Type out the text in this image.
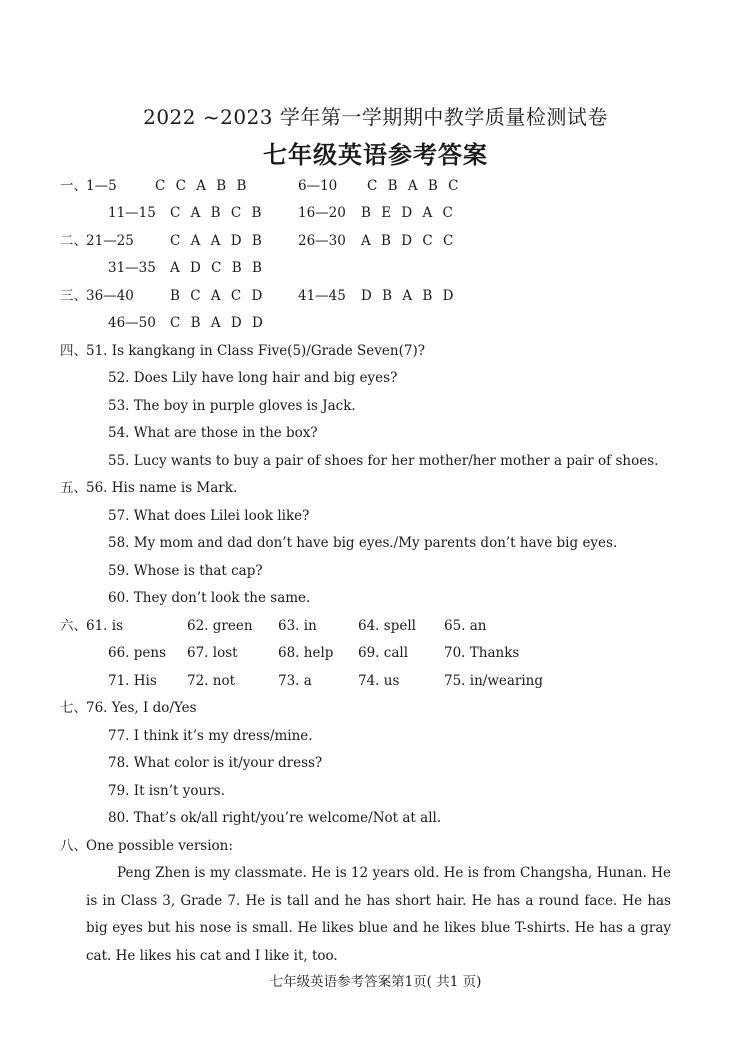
2022 ~2023 学年第一学期期中教学质量检测试卷
七年级英语参考答案
一、 1—5	C C A B B	6—10 C B A B C
11—15 C A B C B 16—20 B E D A C
二、 21—25	C A A D B 26—30 A B D C C
31—35 A D C B B
三、 36—40	B C A C D 41—45 D B A B D
46—50 C B A D D
四、 51. Is kangkang in Class Five(5)/Grade Seven(7)?
52. Does Lily have long hair and big eyes?
53. The boy in purple gloves is Jack.
54. What are those in the box?
55. Lucy wants to buy a pair of shoes for her mother/her mother a pair of shoes.
五、 56. His name is Mark.
57. What does Lilei look like?
58. My mom and dad don’t have big eyes./My parents don’t have big eyes.
59. Whose is that cap?
60. They don’t look the same.
六、 61. is	62. green 63. in	64. spell 65. an
66. pens 67. lost	68. help 69. call	70. Thanks
71. His 72. not	73. a	74. us	75. in/wearing
七、 76. Yes, I do/Yes
77. I think it’s my dress/mine.
78. What color is it/your dress?
79. It isn’t yours.
80. That’s ok/all right/you’re welcome/Not at all.
八、 One possible version:
Peng Zhen is my classmate. He is 12 years old. He is from Changsha, Hunan. He is in Class 3, Grade 7. He is tall and he has short hair. He has a round face. He has big eyes but his nose is small. He likes blue and he likes blue T-shirts. He has a gray cat. He likes his cat and I like it, too.
七年级英语参考答案第1页( 共1 页)
